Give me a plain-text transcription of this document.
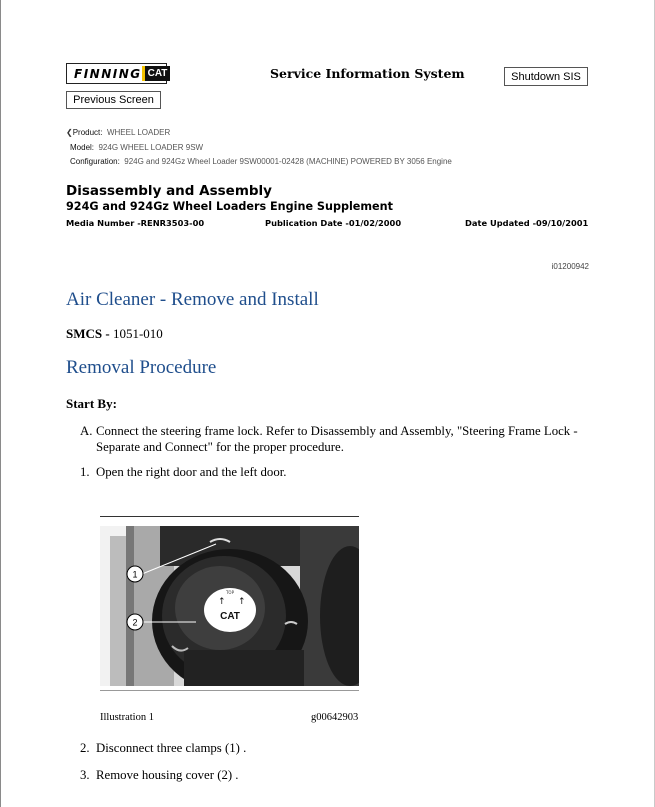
FINNING CAT	Service Information System	Shutdown SIS
Previous Screen
❮Product: WHEEL LOADER
Model: 924G WHEEL LOADER 9SW
Configuration: 924G and 924Gz Wheel Loader 9SW00001-02428 (MACHINE) POWERED BY 3056 Engine
Disassembly and Assembly
924G and 924Gz Wheel Loaders Engine Supplement
Media Number -RENR3503-00	Publication Date -01/02/2000	Date Updated -09/10/2001
i01200942
Air Cleaner - Remove and Install
SMCS - 1051-010
Removal Procedure
Start By:
A. Connect the steering frame lock. Refer to Disassembly and Assembly, "Steering Frame Lock -
Separate and Connect" for the proper procedure.
1. Open the right door and the left door.
TOP
↑ ↑
CAT
1
2
Illustration 1	g00642903
2. Disconnect three clamps (1) .
3. Remove housing cover (2) .
